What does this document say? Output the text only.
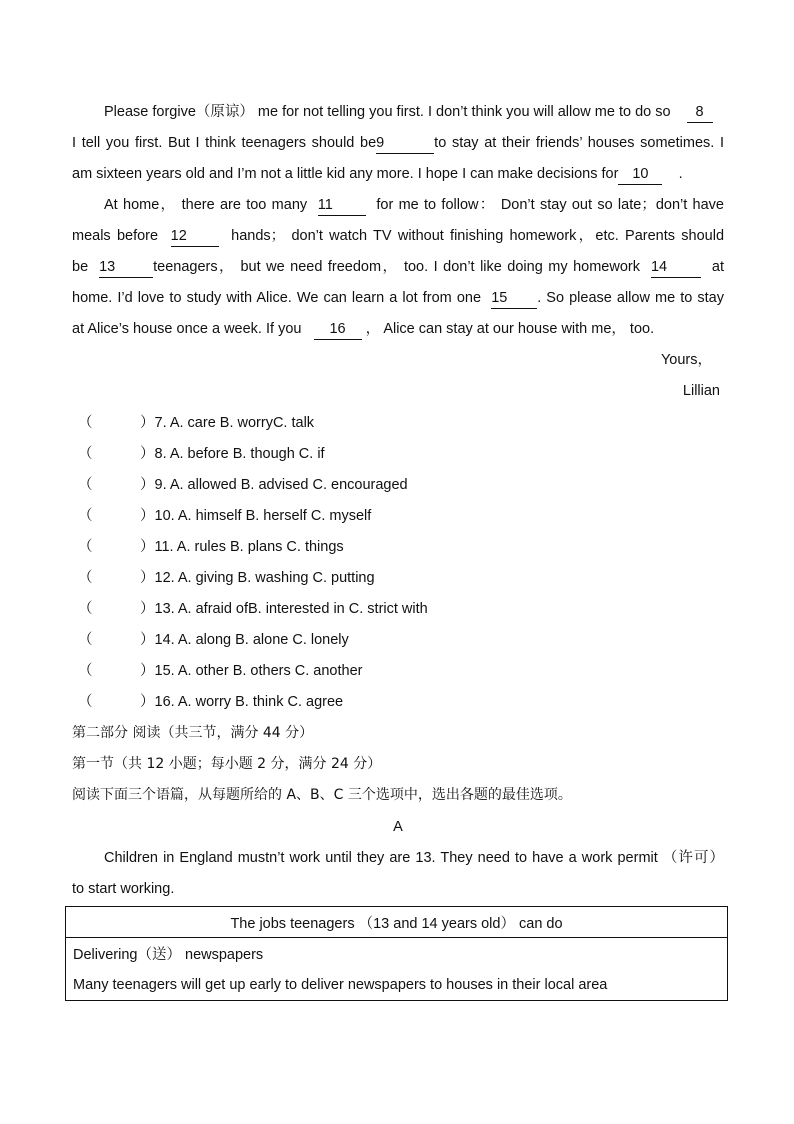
Please forgive（原谅） me for not telling you first. I don’t think you will allow me to do so 8
I tell you first. But I think teenagers should be9	to stay at their friends’ houses sometimes. I
am sixteen years old and I’m not a little kid any more. I hope I can make decisions for 10 .
At home， there are too many 11	for me to follow： Don’t stay out so late；don’t have
meals before 12	hands； don’t watch TV without finishing homework，etc. Parents should
be 13	teenagers， but we need freedom， too. I don’t like doing my homework 14	at
home. I’d love to study with Alice. We can learn a lot from one 15 . So please allow me to stay
at Alice’s house once a week. If you 16 ， Alice can stay at our house with me， too.
Yours，
Lillian
（	）7. A. care B. worryC. talk
（	）8. A. before B. though C. if
（	）9. A. allowed B. advised C. encouraged
（	）10. A. himself B. herself C. myself
（	）11. A. rules B. plans C. things
（	）12. A. giving B. washing C. putting
（	）13. A. afraid ofB. interested in C. strict with
（	）14. A. along B. alone C. lonely
（	）15. A. other B. others C. another
（	）16. A. worry B. think C. agree
第二部分 阅读（共三节，满分 44 分）
第一节（共 12 小题；每小题 2 分，满分 24 分）
阅读下面三个语篇，从每题所给的 A、B、C 三个选项中，选出各题的最佳选项。
A
Children in England mustn’t work until they are 13. They need to have a work permit （许可）
to start working.
The jobs teenagers （13 and 14 years old） can do

Delivering（送） newspapers
Many teenagers will get up early to deliver newspapers to houses in their local area
